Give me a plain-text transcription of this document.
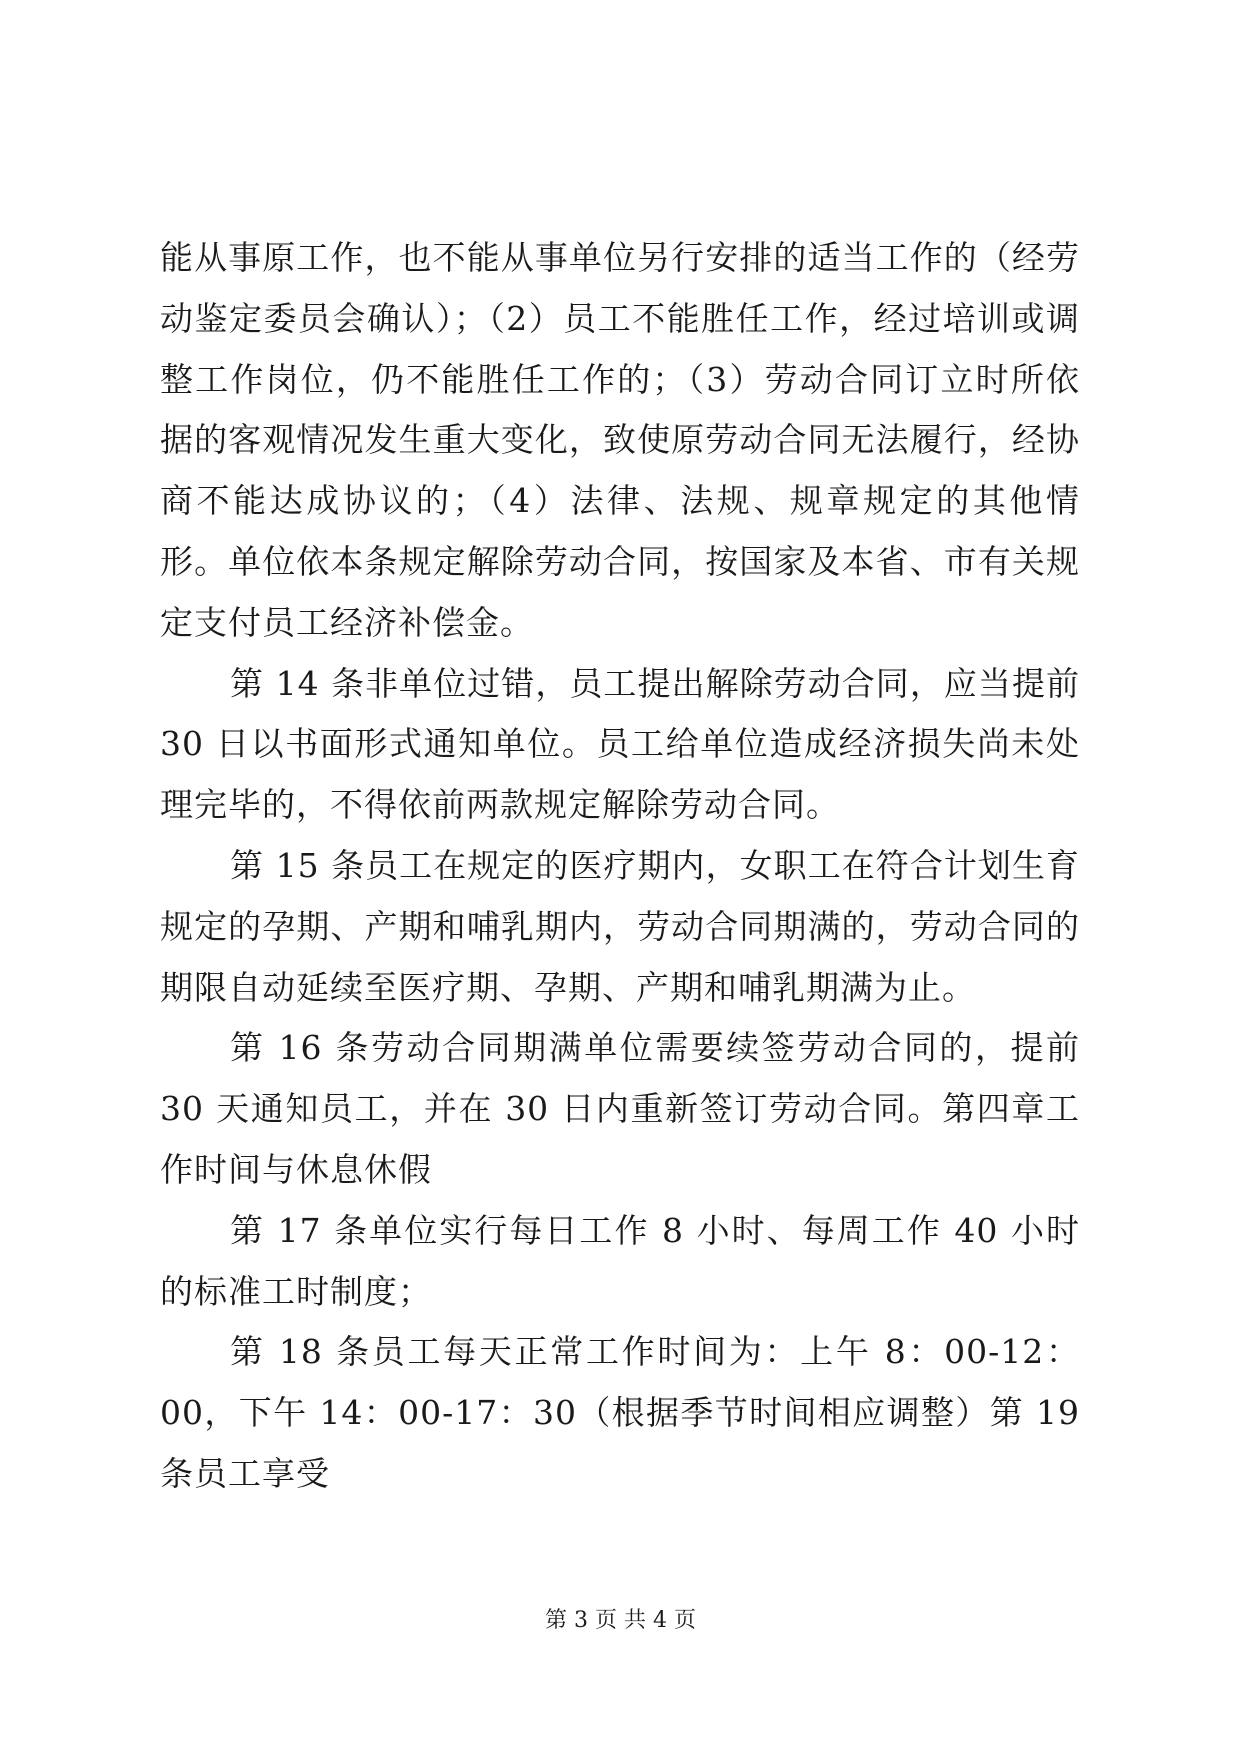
能从事原工作，也不能从事单位另行安排的适当工作的（经劳动鉴定委员会确认）；（2）员工不能胜任工作，经过培训或调整工作岗位，仍不能胜任工作的；（3）劳动合同订立时所依据的客观情况发生重大变化，致使原劳动合同无法履行，经协商不能达成协议的；（4）法律、法规、规章规定的其他情形。单位依本条规定解除劳动合同，按国家及本省、市有关规定支付员工经济补偿金。

第 14 条非单位过错，员工提出解除劳动合同，应当提前 30 日以书面形式通知单位。员工给单位造成经济损失尚未处理完毕的，不得依前两款规定解除劳动合同。

第 15 条员工在规定的医疗期内，女职工在符合计划生育规定的孕期、产期和哺乳期内，劳动合同期满的，劳动合同的期限自动延续至医疗期、孕期、产期和哺乳期满为止。

第 16 条劳动合同期满单位需要续签劳动合同的，提前 30 天通知员工，并在 30 日内重新签订劳动合同。第四章工作时间与休息休假

第 17 条单位实行每日工作 8 小时、每周工作 40 小时的标准工时制度；

第 18 条员工每天正常工作时间为：上午 8：00-12：00，下午 14：00-17：30（根据季节时间相应调整）第 19 条员工享受

第 3 页 共 4 页
